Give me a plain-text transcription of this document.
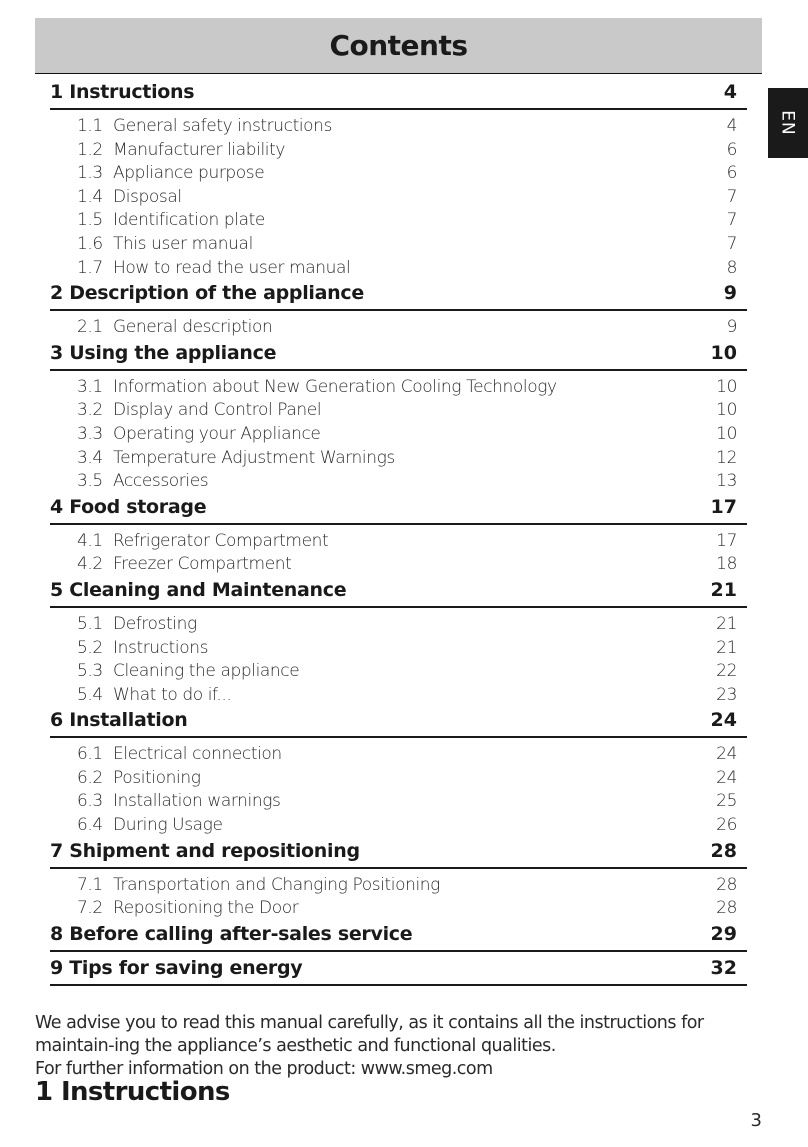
Contents
EN
1 Instructions	4
1.1 General safety instructions	4
1.2 Manufacturer liability	6
1.3 Appliance purpose	6
1.4 Disposal	7
1.5 Identification plate	7
1.6 This user manual	7
1.7 How to read the user manual	8
2 Description of the appliance	9
2.1 General description	9
3 Using the appliance	10
3.1 Information about New Generation Cooling Technology	10
3.2 Display and Control Panel	10
3.3 Operating your Appliance	10
3.4 Temperature Adjustment Warnings	12
3.5 Accessories	13
4 Food storage	17
4.1 Refrigerator Compartment	17
4.2 Freezer Compartment	18
5 Cleaning and Maintenance	21
5.1 Defrosting	21
5.2 Instructions	21
5.3 Cleaning the appliance	22
5.4 What to do if...	23
6 Installation	24
6.1 Electrical connection	24
6.2 Positioning	24
6.3 Installation warnings	25
6.4 During Usage	26
7 Shipment and repositioning	28
7.1 Transportation and Changing Positioning	28
7.2 Repositioning the Door	28
8 Before calling after-sales service	29
9 Tips for saving energy	32

We advise you to read this manual carefully, as it contains all the instructions for maintain-ing the appliance’s aesthetic and functional qualities.

For further information on the product: www.smeg.com

1 Instructions
3
